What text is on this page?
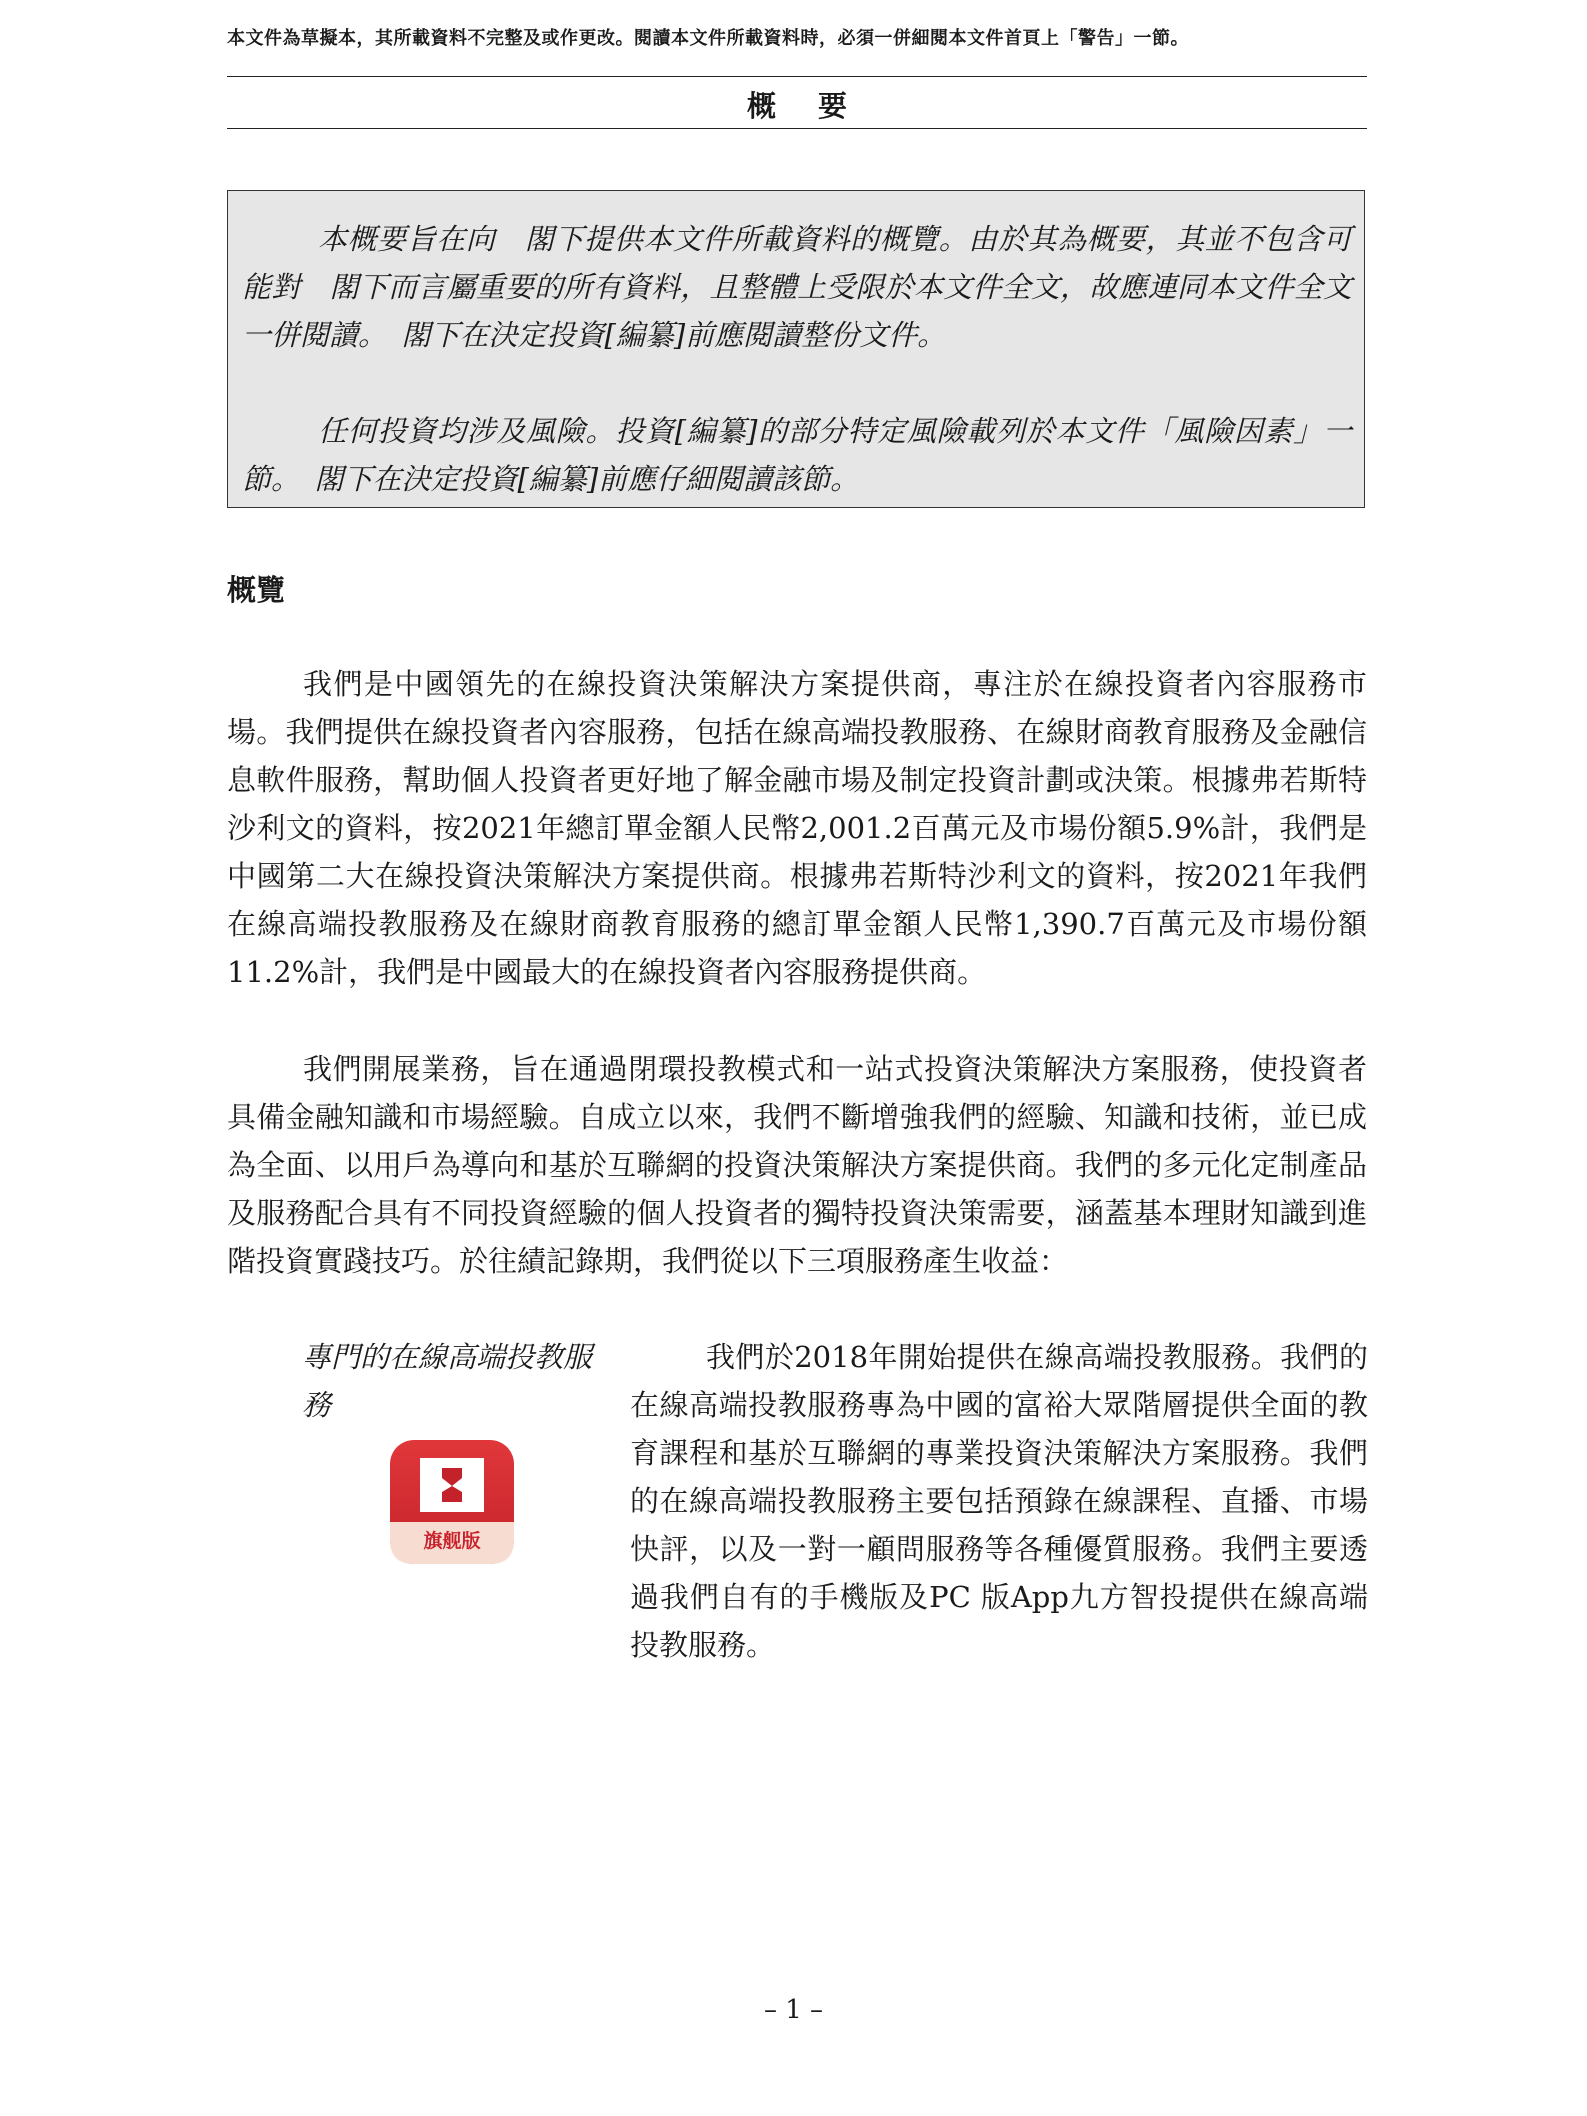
本文件為草擬本，其所載資料不完整及或作更改。閱讀本文件所載資料時，必須一併細閱本文件首頁上「警告」一節。
概要

本概要旨在向　閣下提供本文件所載資料的概覽。由於其為概要，其並不包含可能對　閣下而言屬重要的所有資料，且整體上受限於本文件全文，故應連同本文件全文一併閱讀。　閣下在決定投資[編纂]前應閱讀整份文件。

任何投資均涉及風險。投資[編纂]的部分特定風險載列於本文件「風險因素」一節。　閣下在決定投資[編纂]前應仔細閱讀該節。

概覽

我們是中國領先的在線投資決策解決方案提供商，專注於在線投資者內容服務市場。我們提供在線投資者內容服務，包括在線高端投教服務、在線財商教育服務及金融信息軟件服務，幫助個人投資者更好地了解金融市場及制定投資計劃或決策。根據弗若斯特沙利文的資料，按2021年總訂單金額人民幣2,001.2百萬元及市場份額5.9%計，我們是中國第二大在線投資決策解決方案提供商。根據弗若斯特沙利文的資料，按2021年我們在線高端投教服務及在線財商教育服務的總訂單金額人民幣1,390.7百萬元及市場份額11.2%計，我們是中國最大的在線投資者內容服務提供商。

我們開展業務，旨在通過閉環投教模式和一站式投資決策解決方案服務，使投資者具備金融知識和市場經驗。自成立以來，我們不斷增強我們的經驗、知識和技術，並已成為全面、以用戶為導向和基於互聯網的投資決策解決方案提供商。我們的多元化定制產品及服務配合具有不同投資經驗的個人投資者的獨特投資決策需要，涵蓋基本理財知識到進階投資實踐技巧。於往績記錄期，我們從以下三項服務產生收益：

專門的在線高端投教服務

旗舰版

我們於2018年開始提供在線高端投教服務。我們的在線高端投教服務專為中國的富裕大眾階層提供全面的教育課程和基於互聯網的專業投資決策解決方案服務。我們的在線高端投教服務主要包括預錄在線課程、直播、市場快評，以及一對一顧問服務等各種優質服務。我們主要透過我們自有的手機版及PC 版App九方智投提供在線高端投教服務。

– 1 –
